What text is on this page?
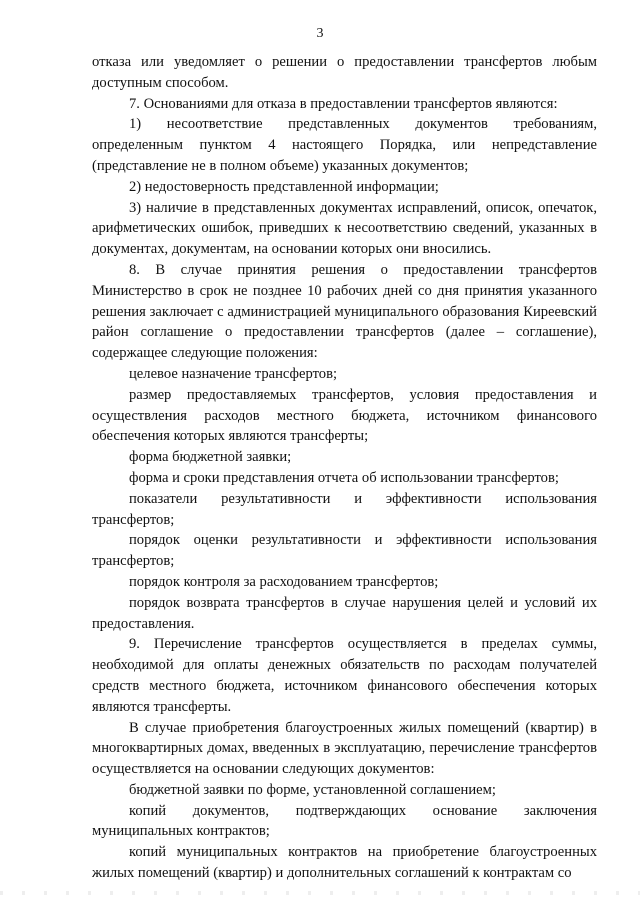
3

отказа или уведомляет о решении о предоставлении трансфертов любым доступным способом.

7. Основаниями для отказа в предоставлении трансфертов являются:

1) несоответствие представленных документов требованиям, определенным пунктом 4 настоящего Порядка, или непредставление (представление не в полном объеме) указанных документов;

2) недостоверность представленной информации;

3) наличие в представленных документах исправлений, описок, опечаток, арифметических ошибок, приведших к несоответствию сведений, указанных в документах, документам, на основании которых они вносились.

8. В случае принятия решения о предоставлении трансфертов Министерство в срок не позднее 10 рабочих дней со дня принятия указанного решения заключает с администрацией муниципального образования Киреевский район соглашение о предоставлении трансфертов (далее – соглашение), содержащее следующие положения:

целевое назначение трансфертов;

размер предоставляемых трансфертов, условия предоставления и осуществления расходов местного бюджета, источником финансового обеспечения которых являются трансферты;

форма бюджетной заявки;

форма и сроки представления отчета об использовании трансфертов;

показатели результативности и эффективности использования трансфертов;

порядок оценки результативности и эффективности использования трансфертов;

порядок контроля за расходованием трансфертов;

порядок возврата трансфертов в случае нарушения целей и условий их предоставления.

9. Перечисление трансфертов осуществляется в пределах суммы, необходимой для оплаты денежных обязательств по расходам получателей средств местного бюджета, источником финансового обеспечения которых являются трансферты.

В случае приобретения благоустроенных жилых помещений (квартир) в многоквартирных домах, введенных в эксплуатацию, перечисление трансфертов осуществляется на основании следующих документов:

бюджетной заявки по форме, установленной соглашением;

копий документов, подтверждающих основание заключения муниципальных контрактов;

копий муниципальных контрактов на приобретение благоустроенных жилых помещений (квартир) и дополнительных соглашений к контрактам со
